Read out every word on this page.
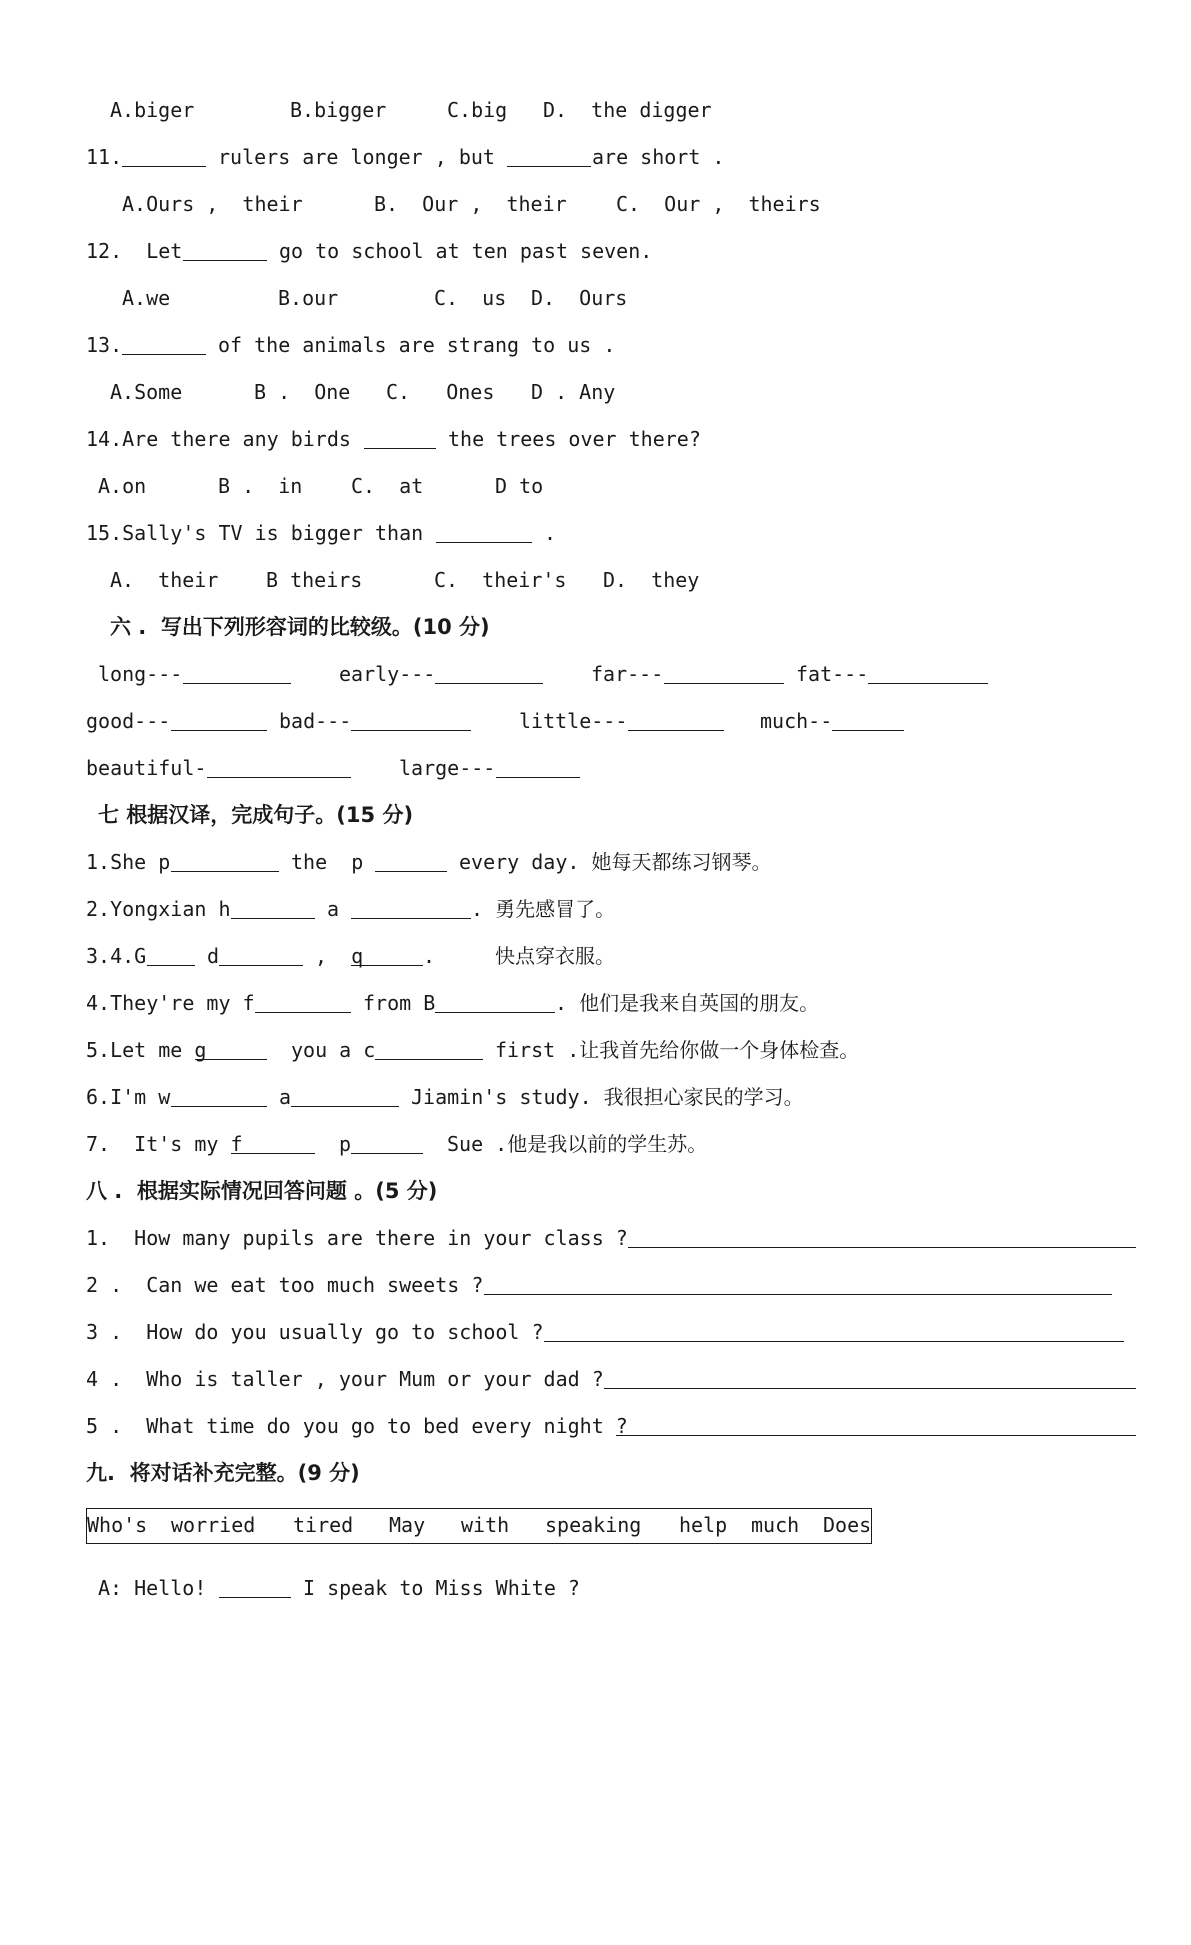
A.biger

	B.bigger

	C.big

D.  the digger

11.

	rulers are longer , but

	are short .

A.Ours ,  their

	B.  Our ,  their

C.  Our ,  theirs

12.  Let

	go to school at ten past seven.

A.we

	B.our

	C.  us

D.  Ours

13.

	of the animals are strang to us .

A.Some

	B .  One

C.   Ones

D . Any

14.Are there any birds

	the trees over there?

A.on

	B .  in

C.  at

	D to

15.Sally's TV is bigger than

	.

A.  their

B theirs

	C.  their's

D.  they

六 .  写出下列形容词的比较级。(10 分)

long---

	early---

	far---

	fat---

good---

	bad---

	little---

	much--

beautiful-

	large---

七 根据汉译，完成句子。(15 分)

1.She p

	the  p

	every day. 她每天都练习钢琴。

2.Yongxian h

	a

	. 勇先感冒了。

3.4.G

	d

	,  q

	.

	快点穿衣服。

4.They're my f

	from B

	. 他们是我来自英国的朋友。

5.Let me g

	you a c

	first .让我首先给你做一个身体检查。

6.I'm w

	a

	Jiamin's study. 我很担心家民的学习。

7.  It's my f

	p

	Sue .他是我以前的学生苏。

八 .  根据实际情况回答问题 。(5 分)

1.  How many pupils are there in your class ?

2 .  Can we eat too much sweets ?

3 .  How do you usually go to school ?

4 .  Who is taller , your Mum or your dad ?

5 .  What time do you go to bed every night ?

九.  将对话补充完整。(9 分)

Who's

worried

tired

May

with

speaking

help

much

Does

A: Hello!

	I speak to Miss White ?
